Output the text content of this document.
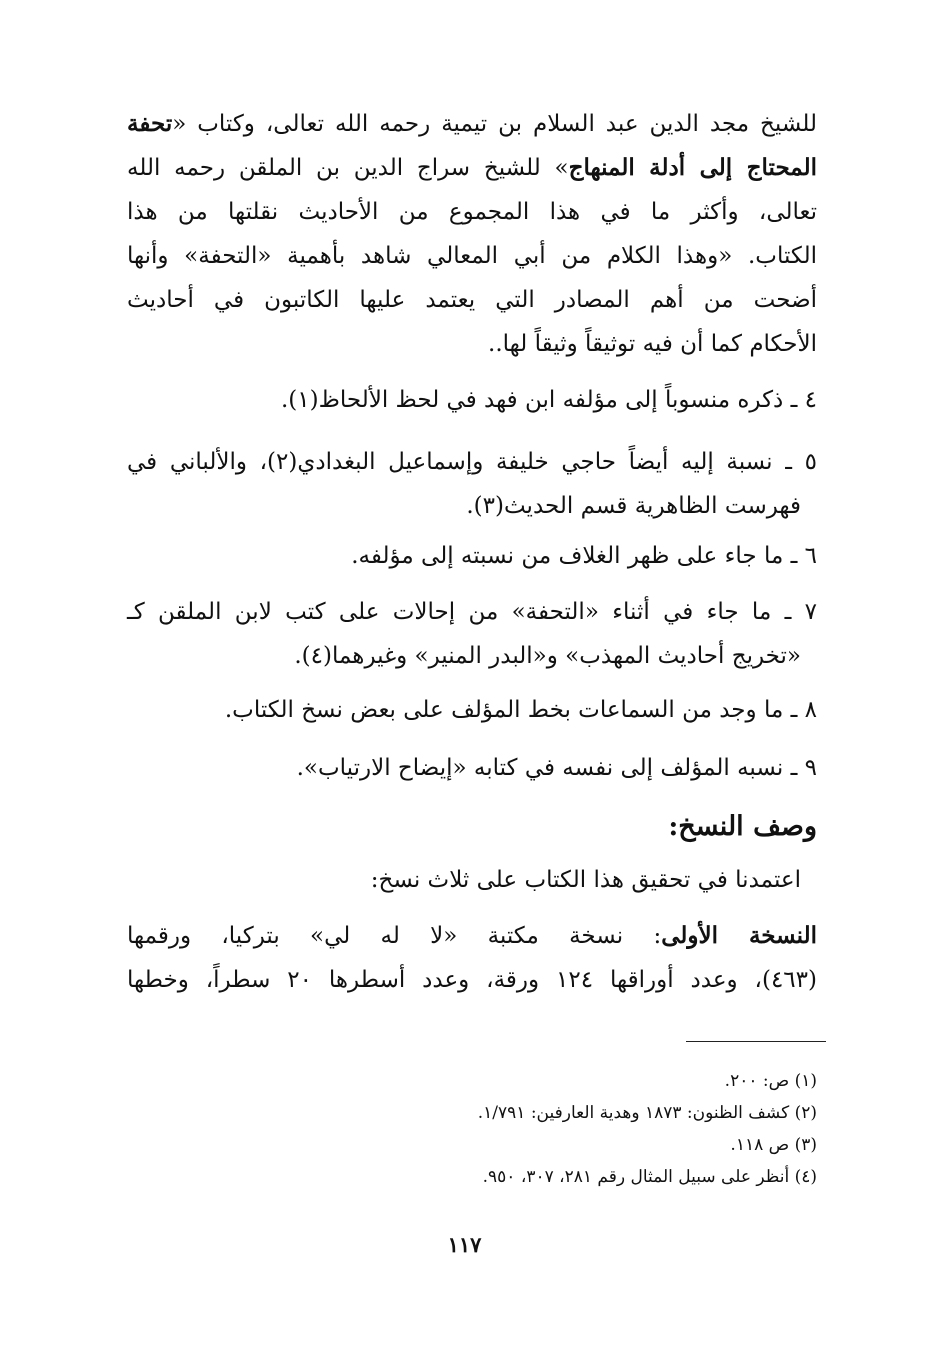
للشيخ مجد الدين عبد السلام بن تيمية رحمه الله تعالى، وكتاب «تحفة
المحتاج إلى أدلة المنهاج» للشيخ سراج الدين بن الملقن رحمه الله
تعالى، وأكثر ما في هذا المجموع من الأحاديث نقلتها من هذا
الكتاب. «وهذا الكلام من أبي المعالي شاهد بأهمية «التحفة» وأنها
أضحت من أهم المصادر التي يعتمد عليها الكاتبون في أحاديث
الأحكام كما أن فيه توثيقاً وثيقاً لها..
٤ ـ ذكره منسوباً إلى مؤلفه ابن فهد في لحظ الألحاظ(١).
٥ ـ نسبة إليه أيضاً حاجي خليفة وإسماعيل البغدادي(٢)، والألباني في
فهرست الظاهرية قسم الحديث(٣).
٦ ـ ما جاء على ظهر الغلاف من نسبته إلى مؤلفه.
٧ ـ ما جاء في أثناء «التحفة» من إحالات على كتب لابن الملقن كـ
«تخريج أحاديث المهذب» و«البدر المنير» وغيرهما(٤).
٨ ـ ما وجد من السماعات بخط المؤلف على بعض نسخ الكتاب.
٩ ـ نسبه المؤلف إلى نفسه في كتابه «إيضاح الارتياب».
وصف النسخ:
اعتمدنا في تحقيق هذا الكتاب على ثلاث نسخ:
النسخة الأولى: نسخة مكتبة «لا له لي» بتركيا، ورقمها
(٤٦٣)، وعدد أوراقها ١٢٤ ورقة، وعدد أسطرها ٢٠ سطراً، وخطها
(١) ص: ٢٠٠.
(٢) كشف الظنون: ١٨٧٣ وهدية العارفين: ١/٧٩١.
(٣) ص ١١٨.
(٤) أنظر على سبيل المثال رقم ٢٨١، ٣٠٧، ٩٥٠.
١١٧
